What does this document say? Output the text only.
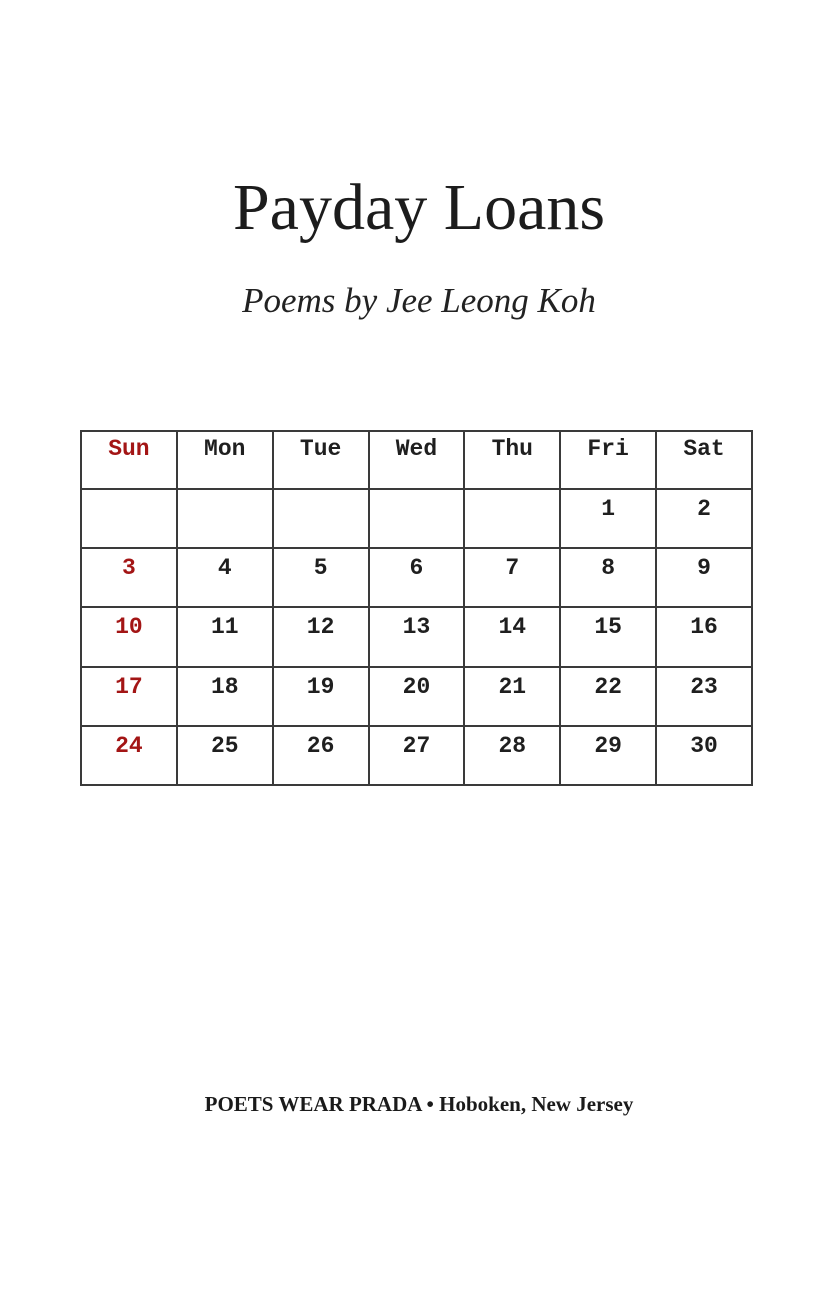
Payday Loans
Poems by Jee Leong Koh
Sun	Mon	Tue	Wed	Thu	Fri	Sat
					1	2
3	4	5	6	7	8	9
10	11	12	13	14	15	16
17	18	19	20	21	22	23
24	25	26	27	28	29	30
POETS WEAR PRADA • Hoboken, New Jersey
